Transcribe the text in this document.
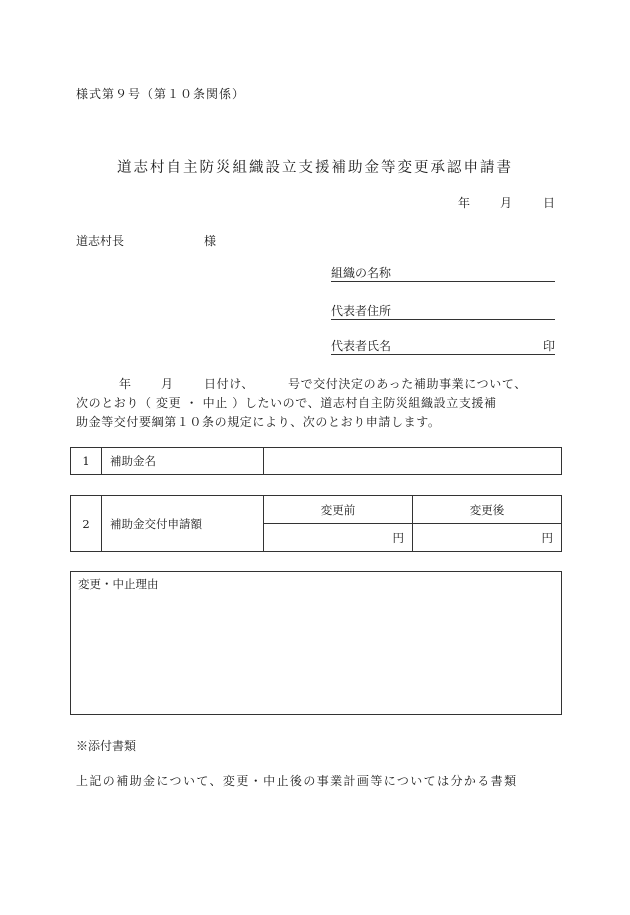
様式第９号（第１０条関係）
道志村自主防災組織設立支援補助金等変更承認申請書
年 月	日
道志村長	様
組織の名称
代表者住所
代表者氏名	印
年 月	日付け、	号で交付決定のあった補助事業について、
次のとおり（ 変更 ・ 中止 ）したいので、道志村自主防災組織設立支援補
助金等交付要綱第１０条の規定により、次のとおり申請します。
1	補助金名	
2	補助金交付申請額	変更前	変更後
		円	円
変更・中止理由
※添付書類
上記の補助金について、変更・中止後の事業計画等については分かる書類
